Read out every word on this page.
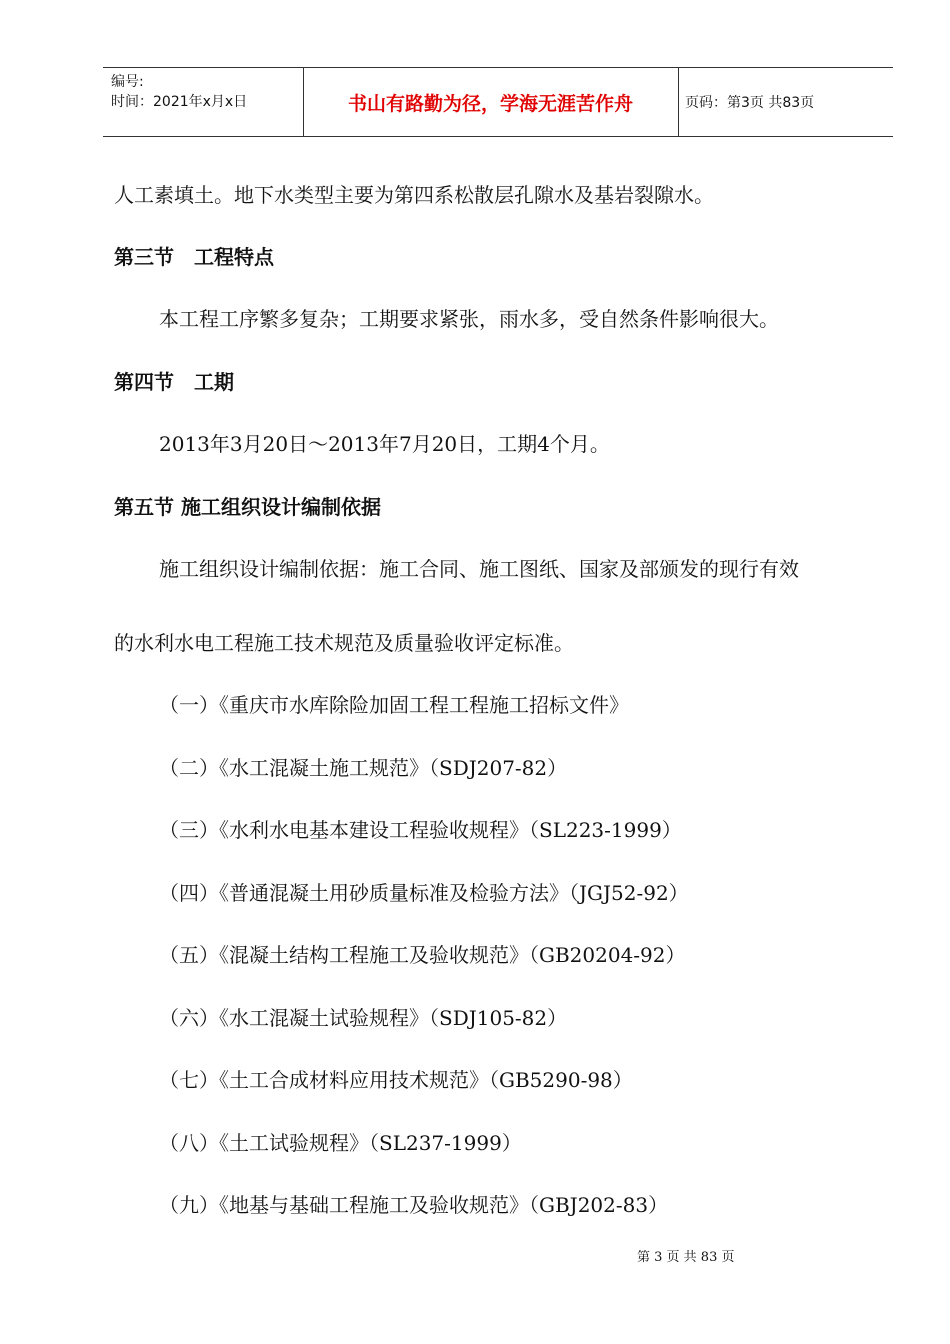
编号:
时间：2021年x月x日	书山有路勤为径，学海无涯苦作舟	页码：第3页 共83页
人工素填土。地下水类型主要为第四系松散层孔隙水及基岩裂隙水。
第三节　工程特点
本工程工序繁多复杂；工期要求紧张，雨水多，受自然条件影响很大。
第四节　工期
2013年3月20日～2013年7月20日，工期4个月。
第五节 施工组织设计编制依据
施工组织设计编制依据：施工合同、施工图纸、国家及部颁发的现行有效
的水利水电工程施工技术规范及质量验收评定标准。
（一）《重庆市水库除险加固工程工程施工招标文件》
（二）《水工混凝土施工规范》（SDJ207-82）
（三）《水利水电基本建设工程验收规程》（SL223-1999）
（四）《普通混凝土用砂质量标准及检验方法》（JGJ52-92）
（五）《混凝土结构工程施工及验收规范》（GB20204-92）
（六）《水工混凝土试验规程》（SDJ105-82）
（七）《土工合成材料应用技术规范》（GB5290-98）
（八）《土工试验规程》（SL237-1999）
（九）《地基与基础工程施工及验收规范》（GBJ202-83）
第 3 页 共 83 页
